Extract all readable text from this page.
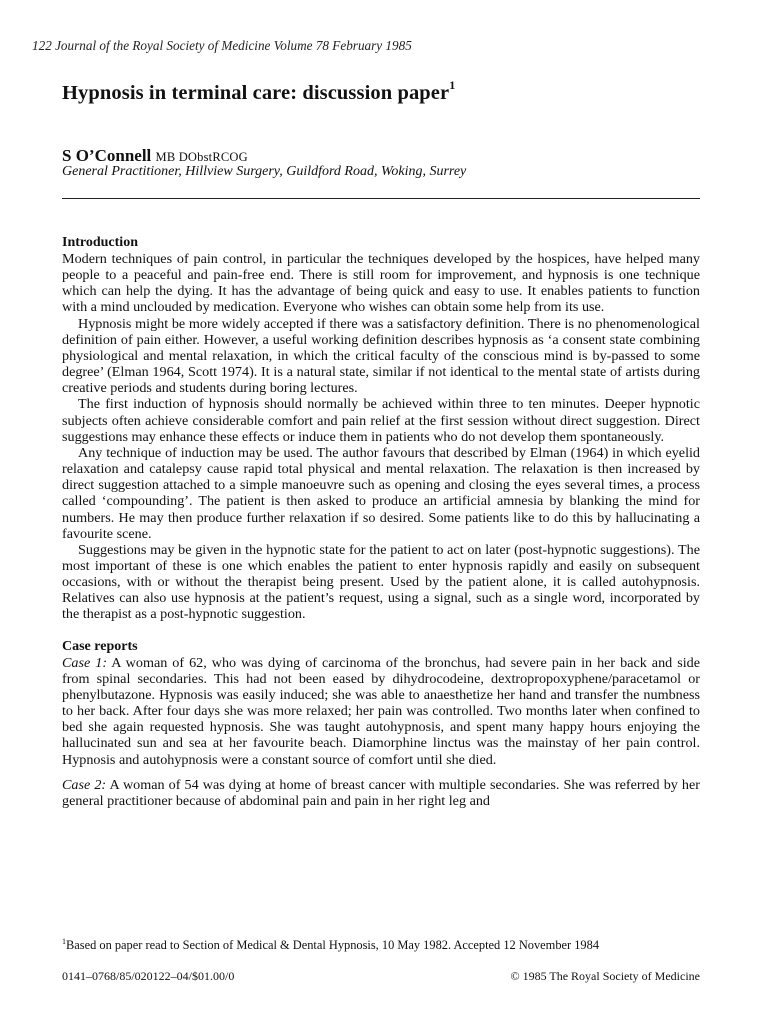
122 Journal of the Royal Society of Medicine Volume 78 February 1985
Hypnosis in terminal care: discussion paper$^1$
S O’Connell MB DObstRCOG
General Practitioner, Hillview Surgery, Guildford Road, Woking, Surrey
Introduction

Modern techniques of pain control, in particular the techniques developed by the hospices, have helped many people to a peaceful and pain-free end. There is still room for improvement, and hypnosis is one technique which can help the dying. It has the advantage of being quick and easy to use. It enables patients to function with a mind unclouded by medication. Everyone who wishes can obtain some help from its use.

Hypnosis might be more widely accepted if there was a satisfactory definition. There is no phenomenological definition of pain either. However, a useful working definition describes hypnosis as ‘a consent state combining physiological and mental relaxation, in which the critical faculty of the conscious mind is by-passed to some degree’ (Elman 1964, Scott 1974). It is a natural state, similar if not identical to the mental state of artists during creative periods and students during boring lectures.

The first induction of hypnosis should normally be achieved within three to ten minutes. Deeper hypnotic subjects often achieve considerable comfort and pain relief at the first session without direct suggestion. Direct suggestions may enhance these effects or induce them in patients who do not develop them spontaneously.

Any technique of induction may be used. The author favours that described by Elman (1964) in which eyelid relaxation and catalepsy cause rapid total physical and mental relaxation. The relaxation is then increased by direct suggestion attached to a simple manoeuvre such as opening and closing the eyes several times, a process called ‘compounding’. The patient is then asked to produce an artificial amnesia by blanking the mind for numbers. He may then produce further relaxation if so desired. Some patients like to do this by hallucinating a favourite scene.

Suggestions may be given in the hypnotic state for the patient to act on later (post-hypnotic suggestions). The most important of these is one which enables the patient to enter hypnosis rapidly and easily on subsequent occasions, with or without the therapist being present. Used by the patient alone, it is called autohypnosis. Relatives can also use hypnosis at the patient’s request, using a signal, such as a single word, incorporated by the therapist as a post-hypnotic suggestion.

Case reports

Case 1: A woman of 62, who was dying of carcinoma of the bronchus, had severe pain in her back and side from spinal secondaries. This had not been eased by dihydrocodeine, dextropropoxyphene/paracetamol or phenylbutazone. Hypnosis was easily induced; she was able to anaesthetize her hand and transfer the numbness to her back. After four days she was more relaxed; her pain was controlled. Two months later when confined to bed she again requested hypnosis. She was taught autohypnosis, and spent many happy hours enjoying the hallucinated sun and sea at her favourite beach. Diamorphine linctus was the mainstay of her pain control. Hypnosis and autohypnosis were a constant source of comfort until she died.

Case 2: A woman of 54 was dying at home of breast cancer with multiple secondaries. She was referred by her general practitioner because of abdominal pain and pain in her right leg and

$^1$Based on paper read to Section of Medical & Dental Hypnosis, 10 May 1982. Accepted 12 November 1984
0141–0768/85/020122–04/$01.00/0	© 1985 The Royal Society of Medicine
